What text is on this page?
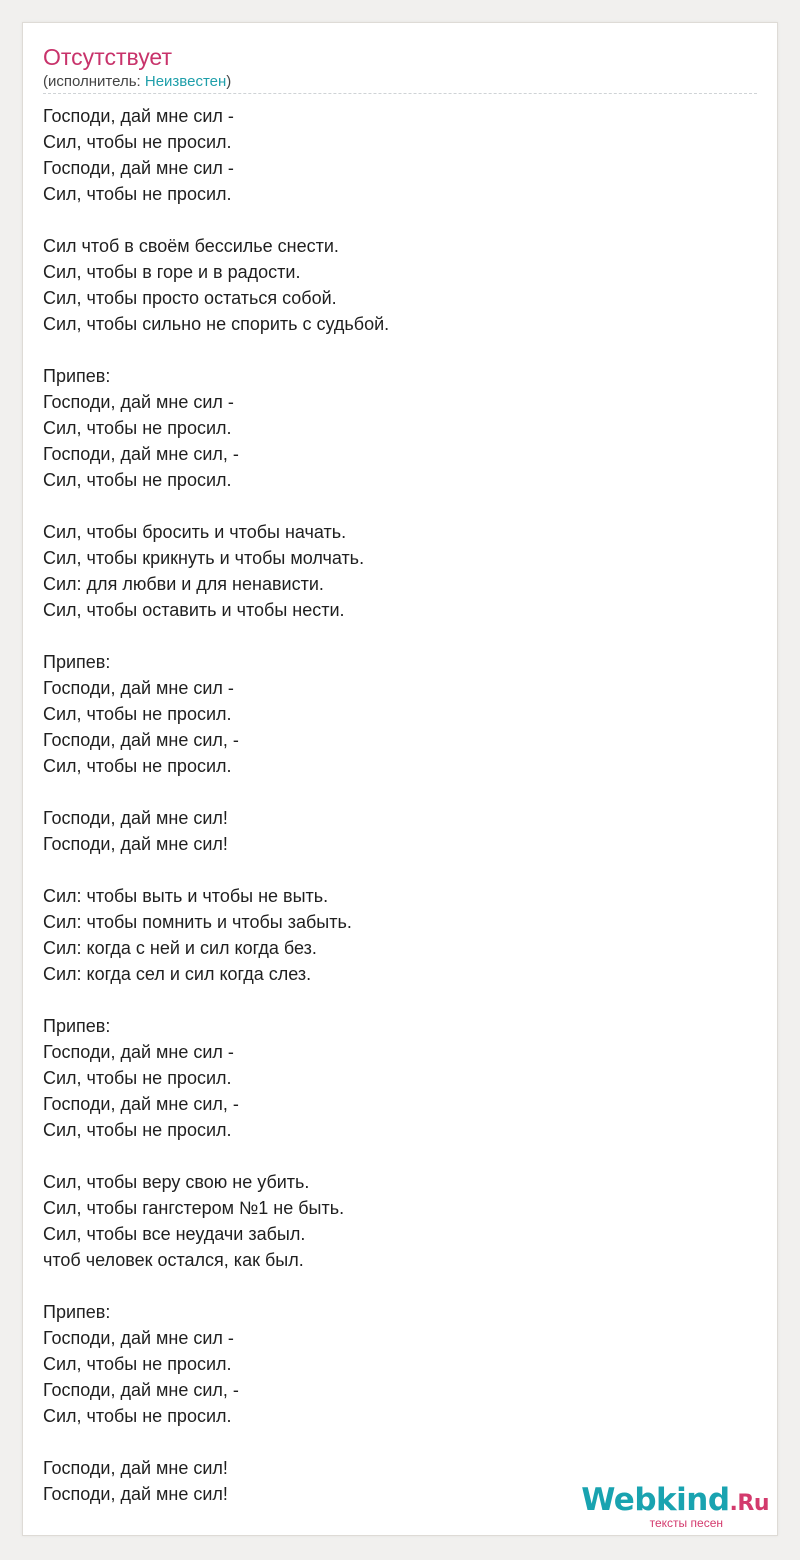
Отсутствует
(исполнитель: Неизвестен)
Господи, дай мне сил -
Сил, чтобы не просил.
Господи, дай мне сил -
Сил, чтобы не просил.
Сил чтоб в своём бессилье снести.
Сил, чтобы в горе и в радости.
Сил, чтобы просто остаться собой.
Сил, чтобы сильно не спорить с судьбой.
Припев:
Господи, дай мне сил -
Сил, чтобы не просил.
Господи, дай мне сил, -
Сил, чтобы не просил.
Сил, чтобы бросить и чтобы начать.
Сил, чтобы крикнуть и чтобы молчать.
Сил: для любви и для ненависти.
Сил, чтобы оставить и чтобы нести.
Припев:
Господи, дай мне сил -
Сил, чтобы не просил.
Господи, дай мне сил, -
Сил, чтобы не просил.
Господи, дай мне сил!
Господи, дай мне сил!
Сил: чтобы выть и чтобы не выть.
Сил: чтобы помнить и чтобы забыть.
Сил: когда с ней и сил когда без.
Сил: когда сел и сил когда слез.
Припев:
Господи, дай мне сил -
Сил, чтобы не просил.
Господи, дай мне сил, -
Сил, чтобы не просил.
Сил, чтобы веру свою не убить.
Сил, чтобы гангстером №1 не быть.
Сил, чтобы все неудачи забыл.
чтоб человек остался, как был.
Припев:
Господи, дай мне сил -
Сил, чтобы не просил.
Господи, дай мне сил, -
Сил, чтобы не просил.
Господи, дай мне сил!
Господи, дай мне сил!	Webkind.Ru
тексты песен
